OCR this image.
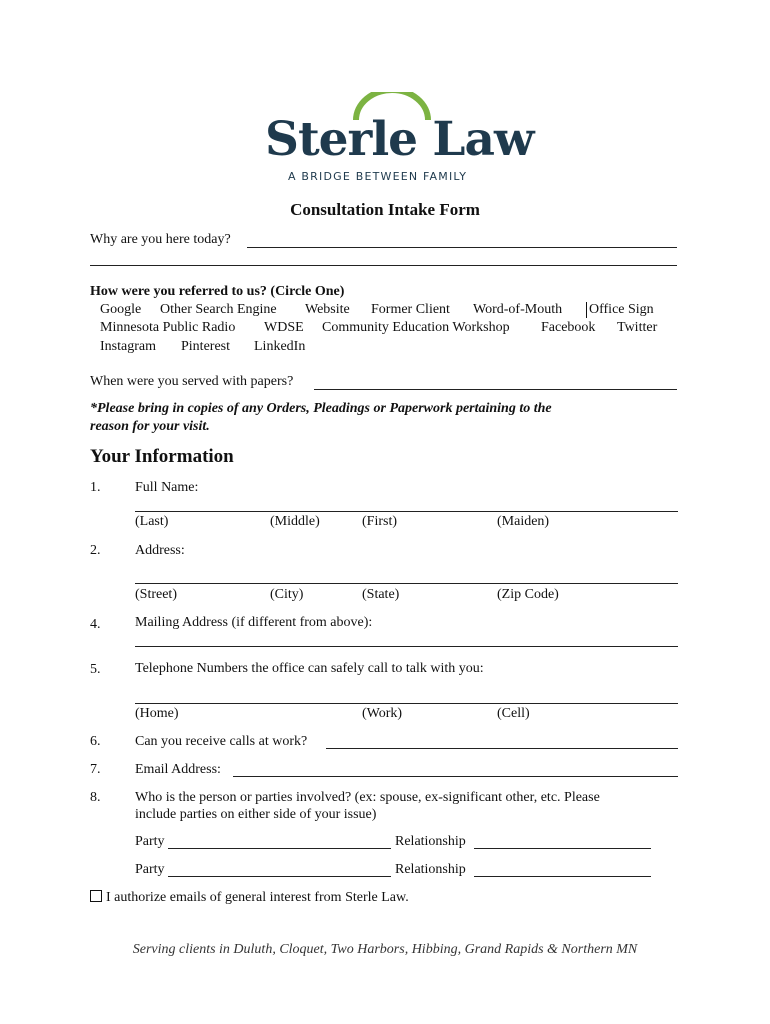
Sterle Law
A BRIDGE BETWEEN FAMILY
Consultation Intake Form
Why are you here today?
How were you referred to us? (Circle One)
Google Other Search Engine Website Former Client Word-of-Mouth Office Sign
Minnesota Public Radio WDSE Community Education Workshop Facebook Twitter
Instagram Pinterest LinkedIn
When were you served with papers?
*Please bring in copies of any Orders, Pleadings or Paperwork pertaining to the
reason for your visit.
Your Information
1. Full Name:
(Last)	(Middle)	(First)	(Maiden)
2. Address:
(Street)	(City)	(State)	(Zip Code)
4. Mailing Address (if different from above):
5. Telephone Numbers the office can safely call to talk with you:
(Home)	(Work)	(Cell)
6. Can you receive calls at work?
7. Email Address:
8. Who is the person or parties involved? (ex: spouse, ex-significant other, etc. Please
include parties on either side of your issue)
Party	Relationship
Party	Relationship
I authorize emails of general interest from Sterle Law.
Serving clients in Duluth, Cloquet, Two Harbors, Hibbing, Grand Rapids & Northern MN
